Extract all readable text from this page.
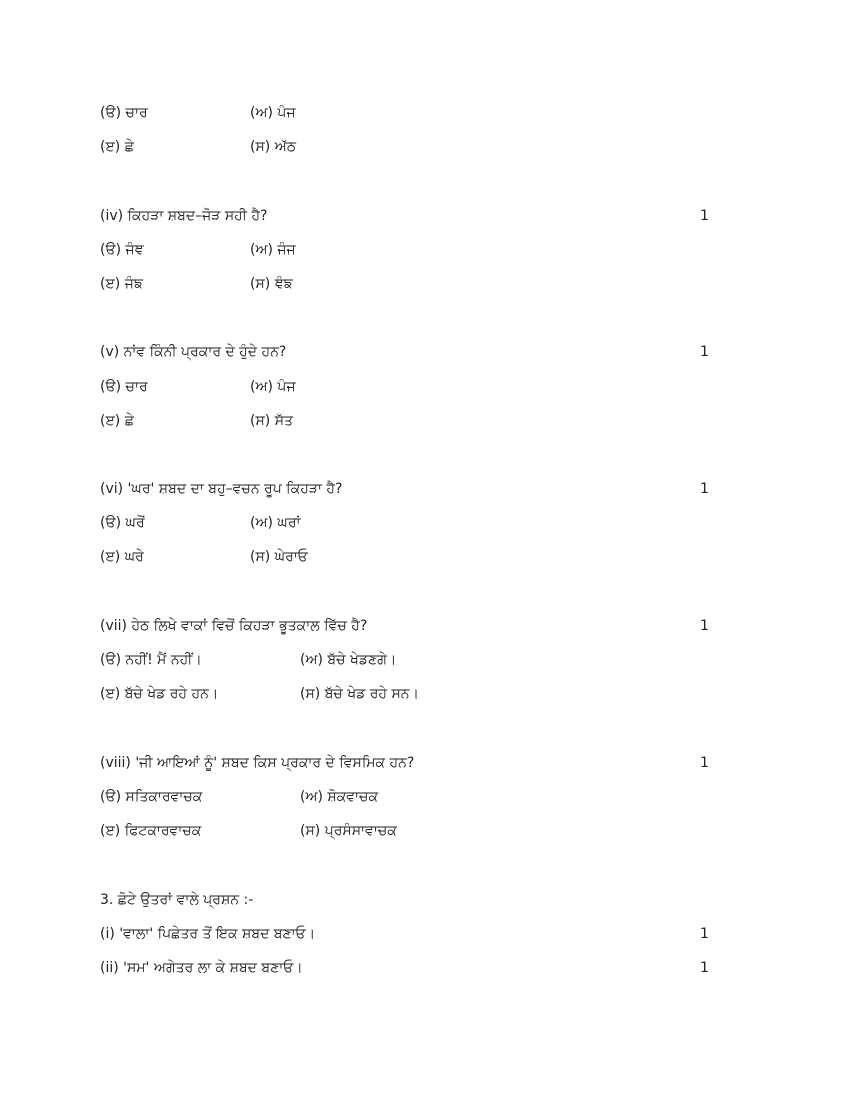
(ੳ) ਚਾਰ	(ਅ) ਪੰਜ
(ੲ) ਛੇ	(ਸ) ਅੱਠ
(iv) ਕਿਹੜਾ ਸ਼ਬਦ–ਜੋੜ ਸਹੀ ਹੈ?	1
(ੳ) ਜੰਞ	(ਅ) ਜੰਜ
(ੲ) ਜੰਙ	(ਸ) ਞੰਙ
(v) ਨਾਂਵ ਕਿੰਨੀ ਪ੍ਰਕਾਰ ਦੇ ਹੁੰਦੇ ਹਨ?	1
(ੳ) ਚਾਰ	(ਅ) ਪੰਜ
(ੲ) ਛੇ	(ਸ) ਸੱਤ
(vi) 'ਘਰ' ਸ਼ਬਦ ਦਾ ਬਹੁ–ਵਚਨ ਰੂਪ ਕਿਹੜਾ ਹੈ?	1
(ੳ) ਘਰੋਂ	(ਅ) ਘਰਾਂ
(ੲ) ਘਰੇ	(ਸ) ਘੇਰਾਓ
(vii) ਹੇਠ ਲਿਖੇ ਵਾਕਾਂ ਵਿਚੋਂ ਕਿਹੜਾ ਭੂਤਕਾਲ ਵਿੱਚ ਹੈ?	1
(ੳ) ਨਹੀਂ! ਮੈਂ ਨਹੀਂ।	(ਅ) ਬੱਚੇ ਖੇਡਣਗੇ।
(ੲ) ਬੱਚੇ ਖੇਡ ਰਹੇ ਹਨ।	(ਸ) ਬੱਚੇ ਖੇਡ ਰਹੇ ਸਨ।
(viii) 'ਜੀ ਆਇਆਂ ਨੂੰ' ਸ਼ਬਦ ਕਿਸ ਪ੍ਰਕਾਰ ਦੇ ਵਿਸਮਿਕ ਹਨ?	1
(ੳ) ਸਤਿਕਾਰਵਾਚਕ	(ਅ) ਸ਼ੋਕਵਾਚਕ
(ੲ) ਫਿਟਕਾਰਵਾਚਕ	(ਸ) ਪ੍ਰਸੰਸਾਵਾਚਕ
3. ਛੋਟੇ ਉਤਰਾਂ ਵਾਲੇ ਪ੍ਰਸ਼ਨ :-
(i) 'ਵਾਲਾ' ਪਿਛੇਤਰ ਤੋਂ ਇਕ ਸ਼ਬਦ ਬਣਾਓ।	1
(ii) 'ਸਮ' ਅਗੇਤਰ ਲਾ ਕੇ ਸ਼ਬਦ ਬਣਾਓ।	1
